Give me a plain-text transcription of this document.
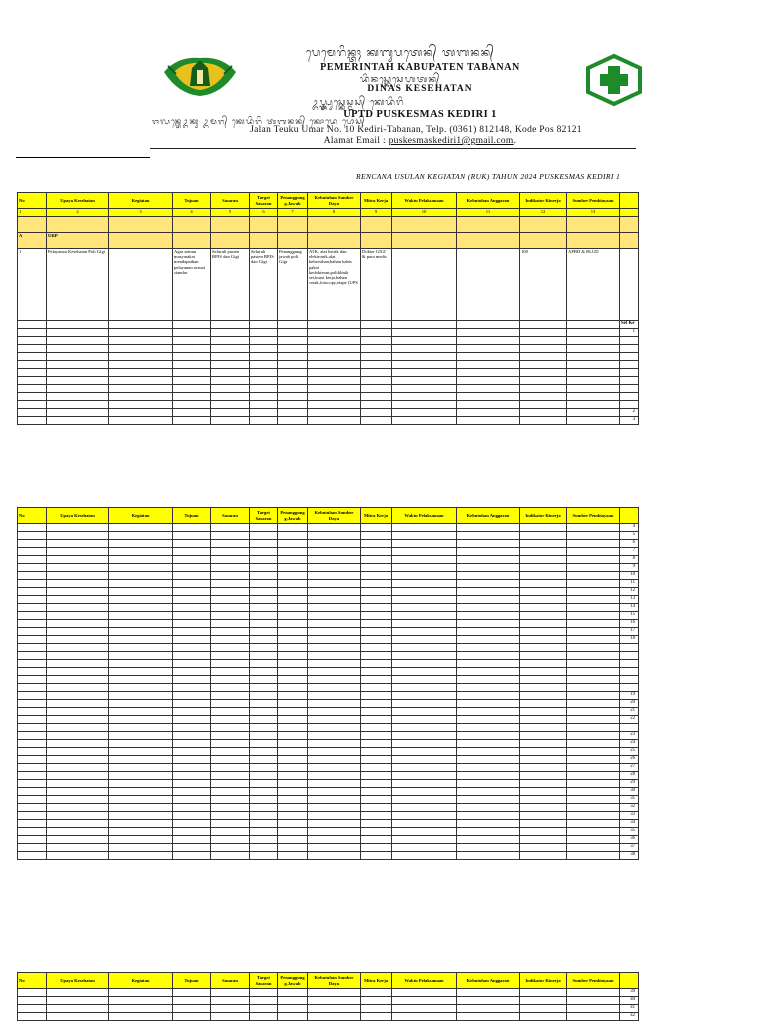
ᬧᬾᬫᬾᬭᬶᬦ᭄ᬢᬄ ᬓᬩᬸᬧᬢᬾᬦ᭄ ᬢᬩᬦᬦ᭄
PEMERINTAH KABUPATEN TABANAN
ᬤᬶᬦᬲ᭄ᬓᬾᬲᬾᬳᬢᬦ᭄
DINAS KESEHATAN
ᬉᬧ᭄ᬢ᭄ᬤ᭄ᬧᬸᬲ᭄ᬓᬾᬲ᭄ᬫᬲ᭄ ᬓᬾᬤᬶᬭᬶ
UPTD PUSKESMAS KEDIRI 1
ᬚᬮᬦ᭄ᬢᬾᬉᬓᬸ ᬉᬫᬭ᭄ ᬓᬾᬤᬶᬭᬶ ᬢᬩᬦᬦ᭄ ᬓᭀᬤᬾ ᬧᭀᬲ᭄
Jalan Teuku Umar No. 10 Kediri-Tabanan, Telp. (0361) 812148, Kode Pos 82121
Alamat Email : puskesmaskediri1@gmail.com.
RENCANA USULAN KEGIATAN (RUK) TAHUN 2024 PUSKESMAS KEDIRI 1
No	Upaya Kesehatan	Kegiatan	Tujuan	Sasaran	Target Sasaran	Penanggung g.Jawab	Kebutuhan Sumber Daya	Mitra Kerja	Waktu Pelaksanaan	Kebutuhan Anggaran	Indikator Kinerja	Sumber Pembiayaan	
1	2	3	4	5	6	7	8	9	10	11	12	13	

A	UKP												
1	Pelayanan Kesehatan Poli Gigi		Agar semua masyarakat mendapatkan pelayanan sesuai standar	Seluruh pasien BPJS dan Gigi	Seluruh pasien BPJS dan Gigi	Penanggung jawab poli Gigi	ATK, alat listrik dan elektronik,alat kebersihan,bahan habis pakai kedokteran,poliklinik set,kursi kerja,bahan cetak,fotocopy,etape (UPS	Dokter GIGI & para medis			100	APBD & BLUD	
													Set Ke
													1

													2
													3
No	Upaya Kesehatan	Kegiatan	Tujuan	Sasaran	Target Sasaran	Penanggung g.Jawab	Kebutuhan Sumber Daya	Mitra Kerja	Waktu Pelaksanaan	Kebutuhan Anggaran	Indikator Kinerja	Sumber Pembiayaan	
													4
													5
													6
													7
													8
													9
													10
													11
													12
													13
													14
													15
													16
													17
													18

													19
													20
													21
													22

													23
													24
													25
													26
													27
													28
													29
													30
													31
													32
													33
													34
													35
													36
													37
													38
No	Upaya Kesehatan	Kegiatan	Tujuan	Sasaran	Target Sasaran	Penanggung g.Jawab	Kebutuhan Sumber Daya	Mitra Kerja	Waktu Pelaksanaan	Kebutuhan Anggaran	Indikator Kinerja	Sumber Pembiayaan	
													39
													40
													41
													42
